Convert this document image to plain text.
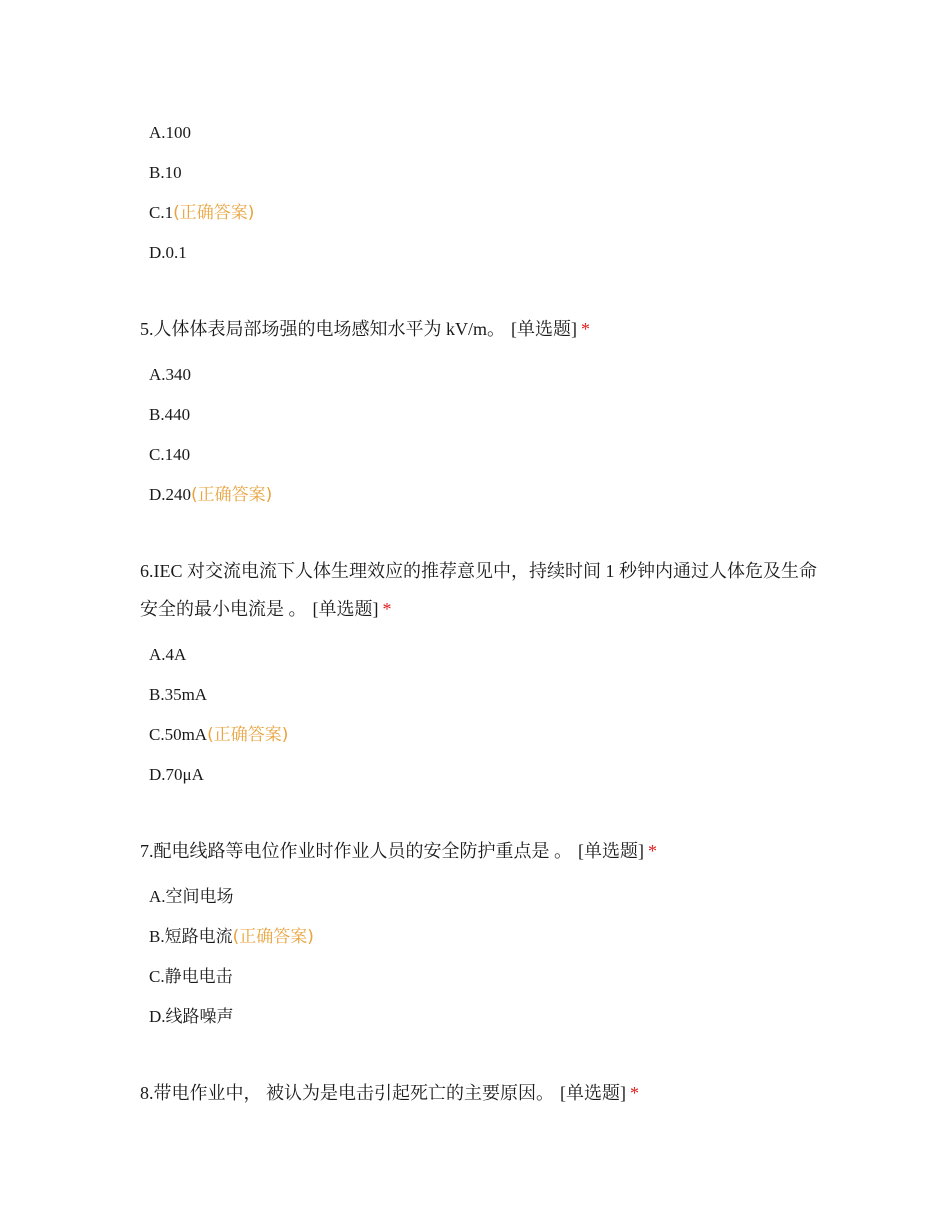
A.100
B.10
C.1(正确答案)
D.0.1

5.人体体表局部场强的电场感知水平为 kV/m。 [单选题] *

A.340
B.440
C.140
D.240(正确答案)

6.IEC 对交流电流下人体生理效应的推荐意见中，持续时间 1 秒钟内通过人体危及生命安全的最小电流是 。 [单选题] *

A.4A
B.35mA
C.50mA(正确答案)
D.70μA

7.配电线路等电位作业时作业人员的安全防护重点是 。 [单选题] *

A.空间电场
B.短路电流(正确答案)
C.静电电击
D.线路噪声

8.带电作业中， 被认为是电击引起死亡的主要原因。 [单选题] *
